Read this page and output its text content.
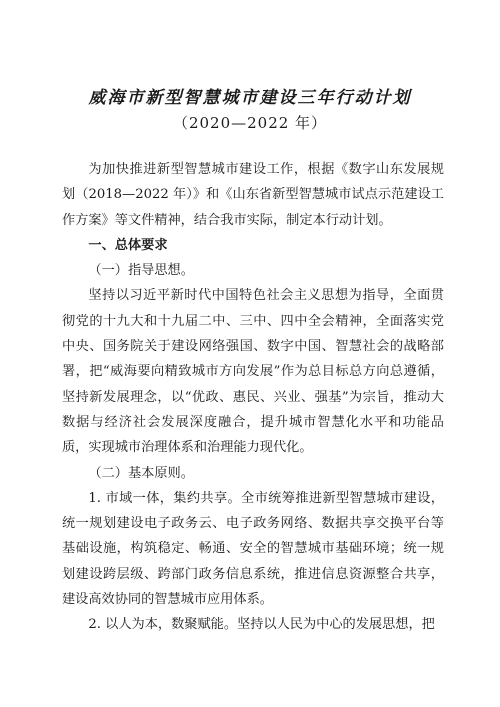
威海市新型智慧城市建设三年行动计划
（2020—2022 年）

为加快推进新型智慧城市建设工作，根据《数字山东发展规划（2018—2022 年）》和《山东省新型智慧城市试点示范建设工作方案》等文件精神，结合我市实际，制定本行动计划。

一、总体要求

（一）指导思想。

坚持以习近平新时代中国特色社会主义思想为指导，全面贯彻党的十九大和十九届二中、三中、四中全会精神，全面落实党中央、国务院关于建设网络强国、数字中国、智慧社会的战略部署，把“威海要向精致城市方向发展”作为总目标总方向总遵循，坚持新发展理念，以“优政、惠民、兴业、强基”为宗旨，推动大数据与经济社会发展深度融合，提升城市智慧化水平和功能品质，实现城市治理体系和治理能力现代化。

（二）基本原则。

1. 市域一体，集约共享。全市统筹推进新型智慧城市建设，统一规划建设电子政务云、电子政务网络、数据共享交换平台等基础设施，构筑稳定、畅通、安全的智慧城市基础环境；统一规划建设跨层级、跨部门政务信息系统，推进信息资源整合共享，建设高效协同的智慧城市应用体系。

2. 以人为本，数聚赋能。坚持以人民为中心的发展思想，把
